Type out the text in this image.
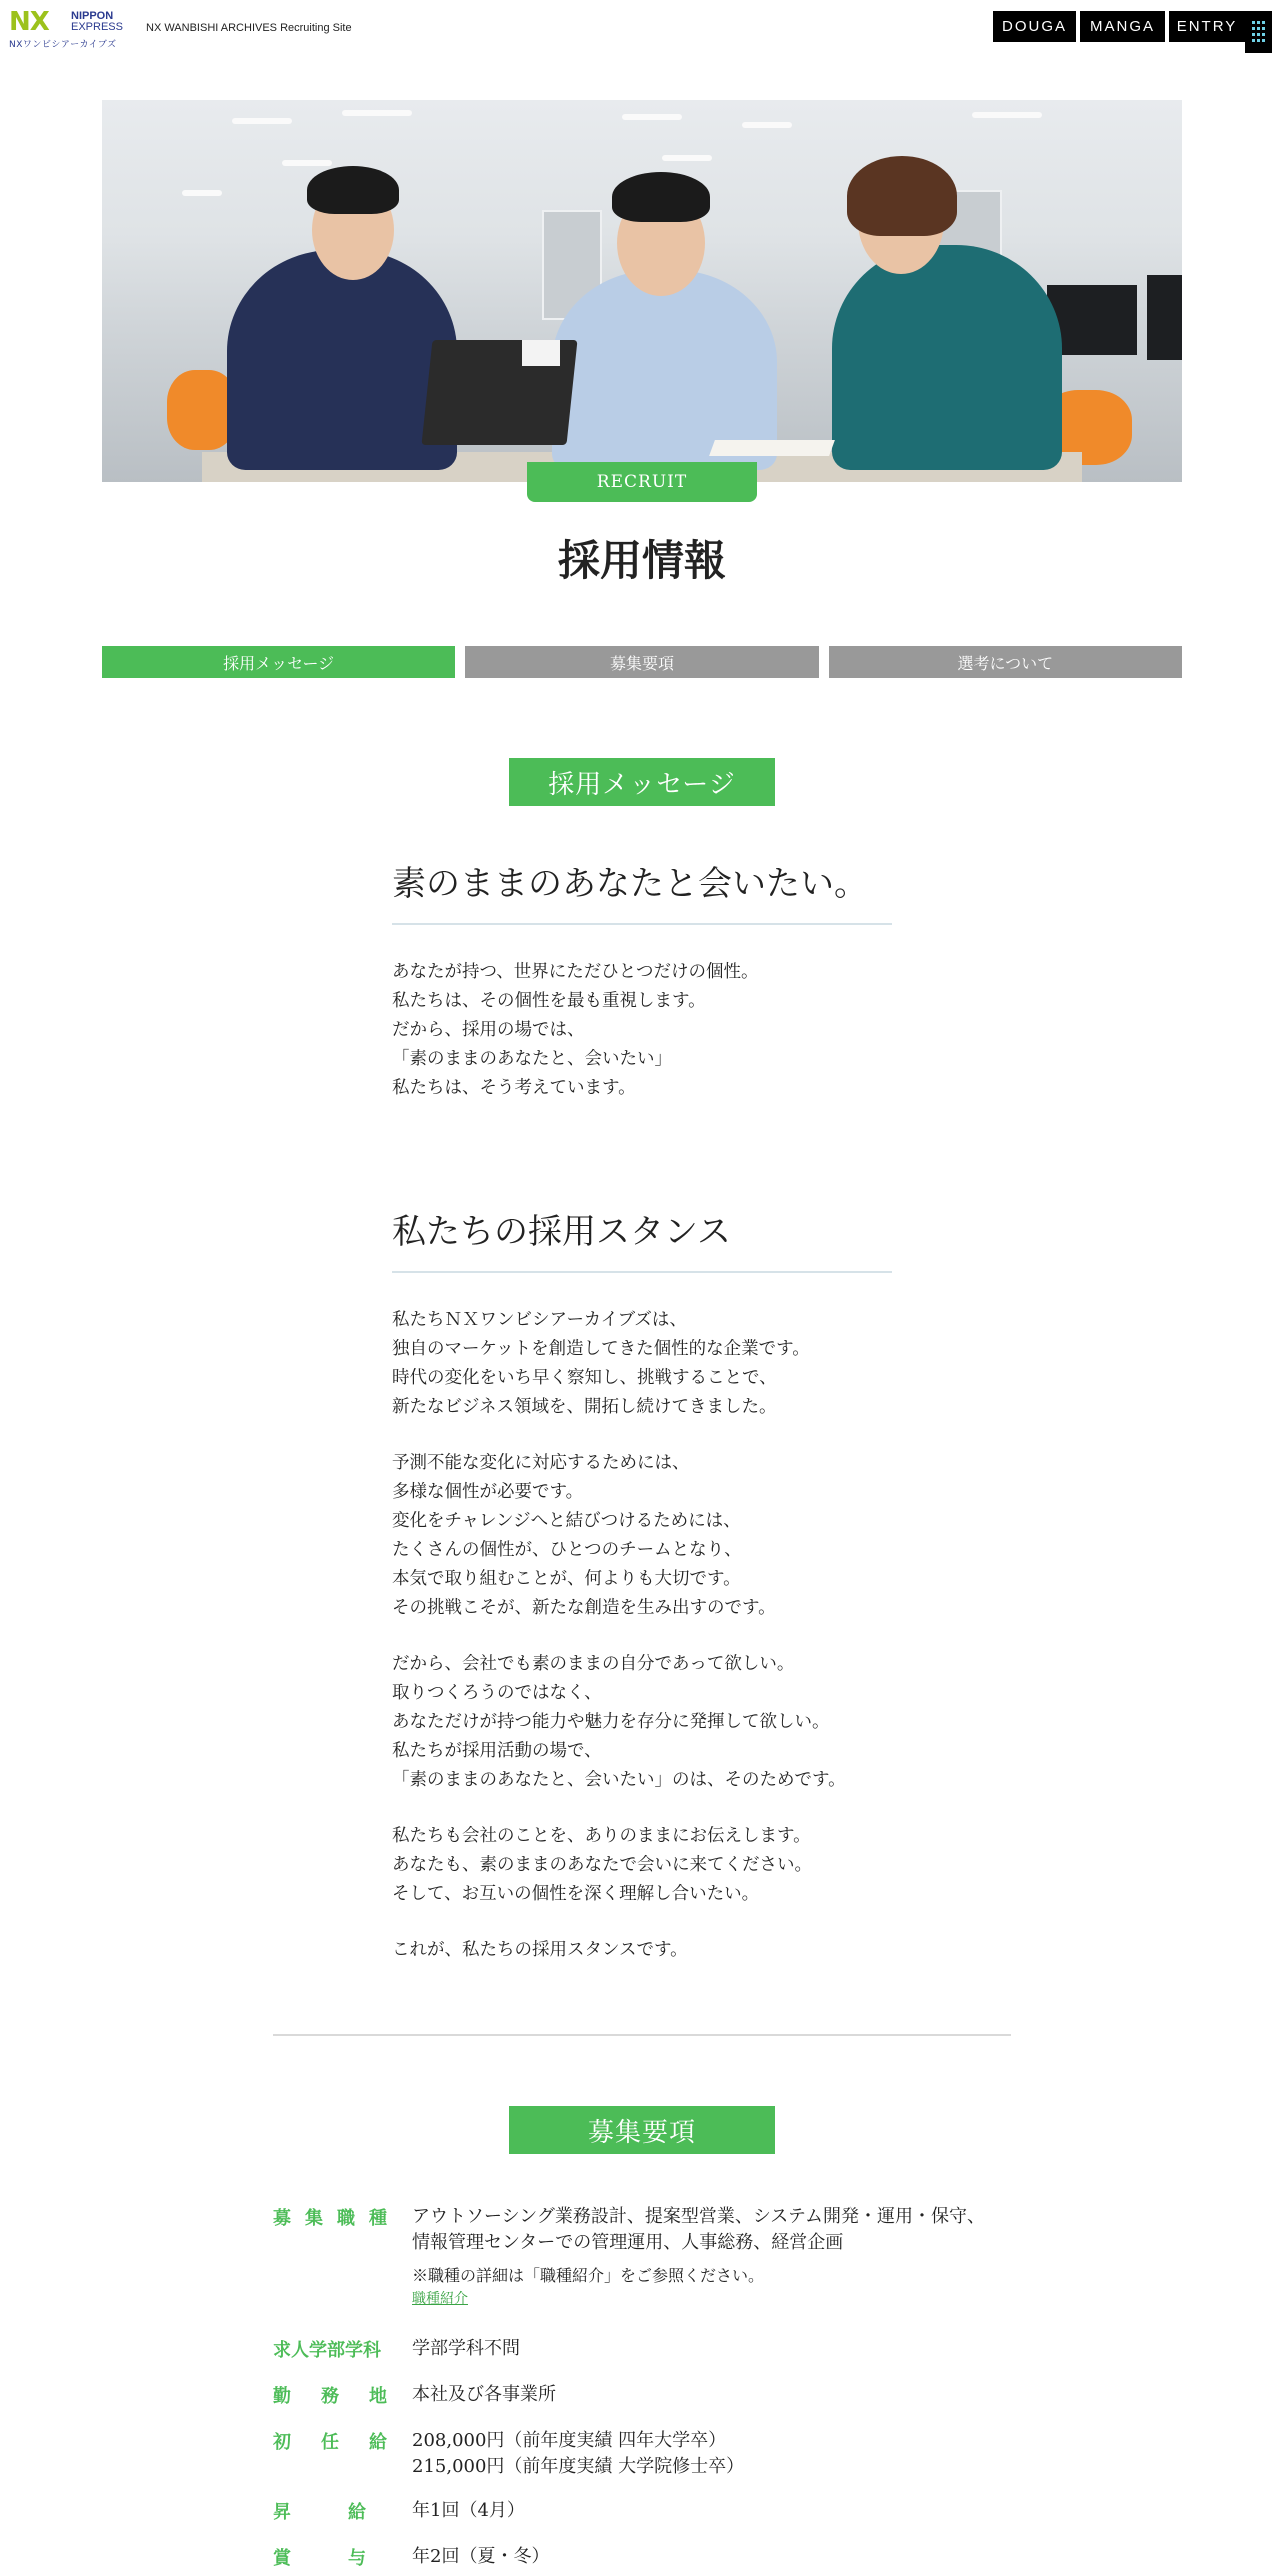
NX NIPPON
EXPRESS
NXワンビシアーカイブズ
NX WANBISHI ARCHIVES Recruiting Site	DOUGA	MANGA	ENTRY
RECRUIT
採用情報
採用メッセージ	募集要項	選考について
採用メッセージ
素のままのあなたと会いたい。
あなたが持つ、世界にただひとつだけの個性。
私たちは、その個性を最も重視します。
だから、採用の場では、
「素のままのあなたと、会いたい」
私たちは、そう考えています。
私たちの採用スタンス

私たちＮＸワンビシアーカイブズは、
独自のマーケットを創造してきた個性的な企業です。
時代の変化をいち早く察知し、挑戦することで、
新たなビジネス領域を、開拓し続けてきました。

予測不能な変化に対応するためには、
多様な個性が必要です。
変化をチャレンジへと結びつけるためには、
たくさんの個性が、ひとつのチームとなり、
本気で取り組むことが、何よりも大切です。
その挑戦こそが、新たな創造を生み出すのです。

だから、会社でも素のままの自分であって欲しい。
取りつくろうのではなく、
あなただけが持つ能力や魅力を存分に発揮して欲しい。
私たちが採用活動の場で、
「素のままのあなたと、会いたい」のは、そのためです。

私たちも会社のことを、ありのままにお伝えします。
あなたも、素のままのあなたで会いに来てください。
そして、お互いの個性を深く理解し合いたい。

これが、私たちの採用スタンスです。

募集要項
募集職種 アウトソーシング業務設計、提案型営業、システム開発・運用・保守、
情報管理センターでの管理運用、人事総務、経営企画
※職種の詳細は「職種紹介」をご参照ください。
職種紹介
求人学部学科 学部学科不問
勤務地
本社及び各事業所
初任給
208,000円（前年度実績 四年大学卒）
215,000円（前年度実績 大学院修士卒）
昇給
年1回（4月）
賞与
年2回（夏・冬）
